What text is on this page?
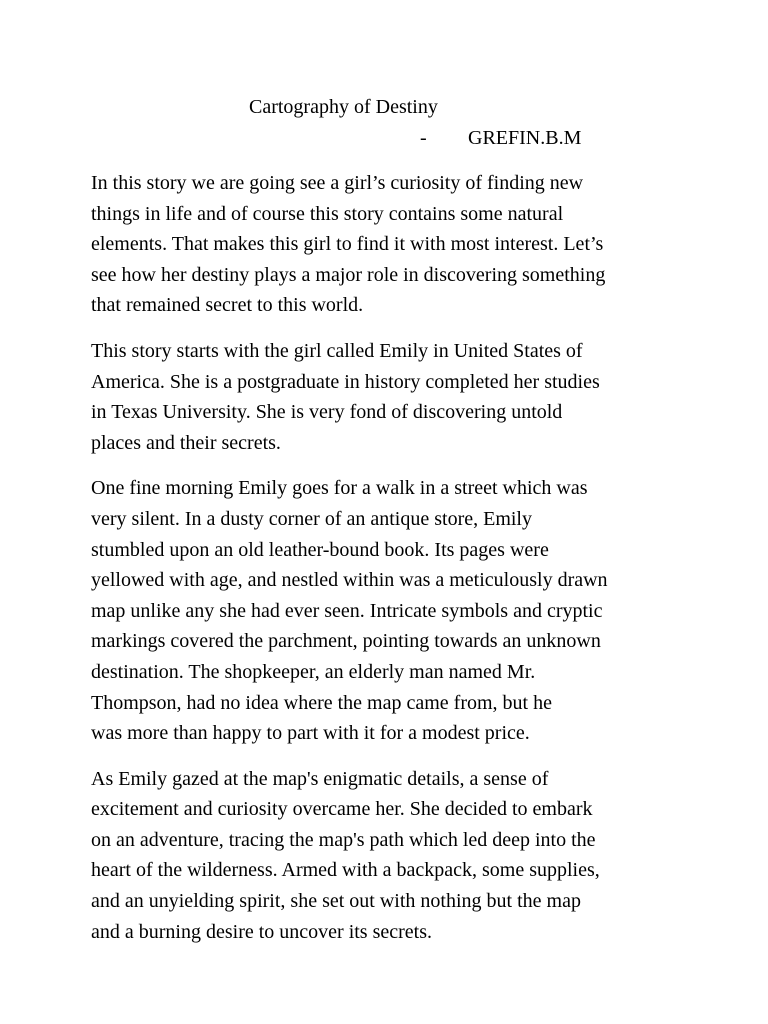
Cartography of Destiny

- GREFIN.B.M

In this story we are going see a girl’s curiosity of finding new
things in life and of course this story contains some natural
elements. That makes this girl to find it with most interest. Let’s
see how her destiny plays a major role in discovering something
that remained secret to this world.

This story starts with the girl called Emily in United States of
America. She is a postgraduate in history completed her studies
in Texas University. She is very fond of discovering untold
places and their secrets.

One fine morning Emily goes for a walk in a street which was
very silent. In a dusty corner of an antique store, Emily
stumbled upon an old leather-bound book. Its pages were
yellowed with age, and nestled within was a meticulously drawn
map unlike any she had ever seen. Intricate symbols and cryptic
markings covered the parchment, pointing towards an unknown
destination. The shopkeeper, an elderly man named Mr.
Thompson, had no idea where the map came from, but he
was more than happy to part with it for a modest price.

As Emily gazed at the map's enigmatic details, a sense of
excitement and curiosity overcame her. She decided to embark
on an adventure, tracing the map's path which led deep into the
heart of the wilderness. Armed with a backpack, some supplies,
and an unyielding spirit, she set out with nothing but the map
and a burning desire to uncover its secrets.
